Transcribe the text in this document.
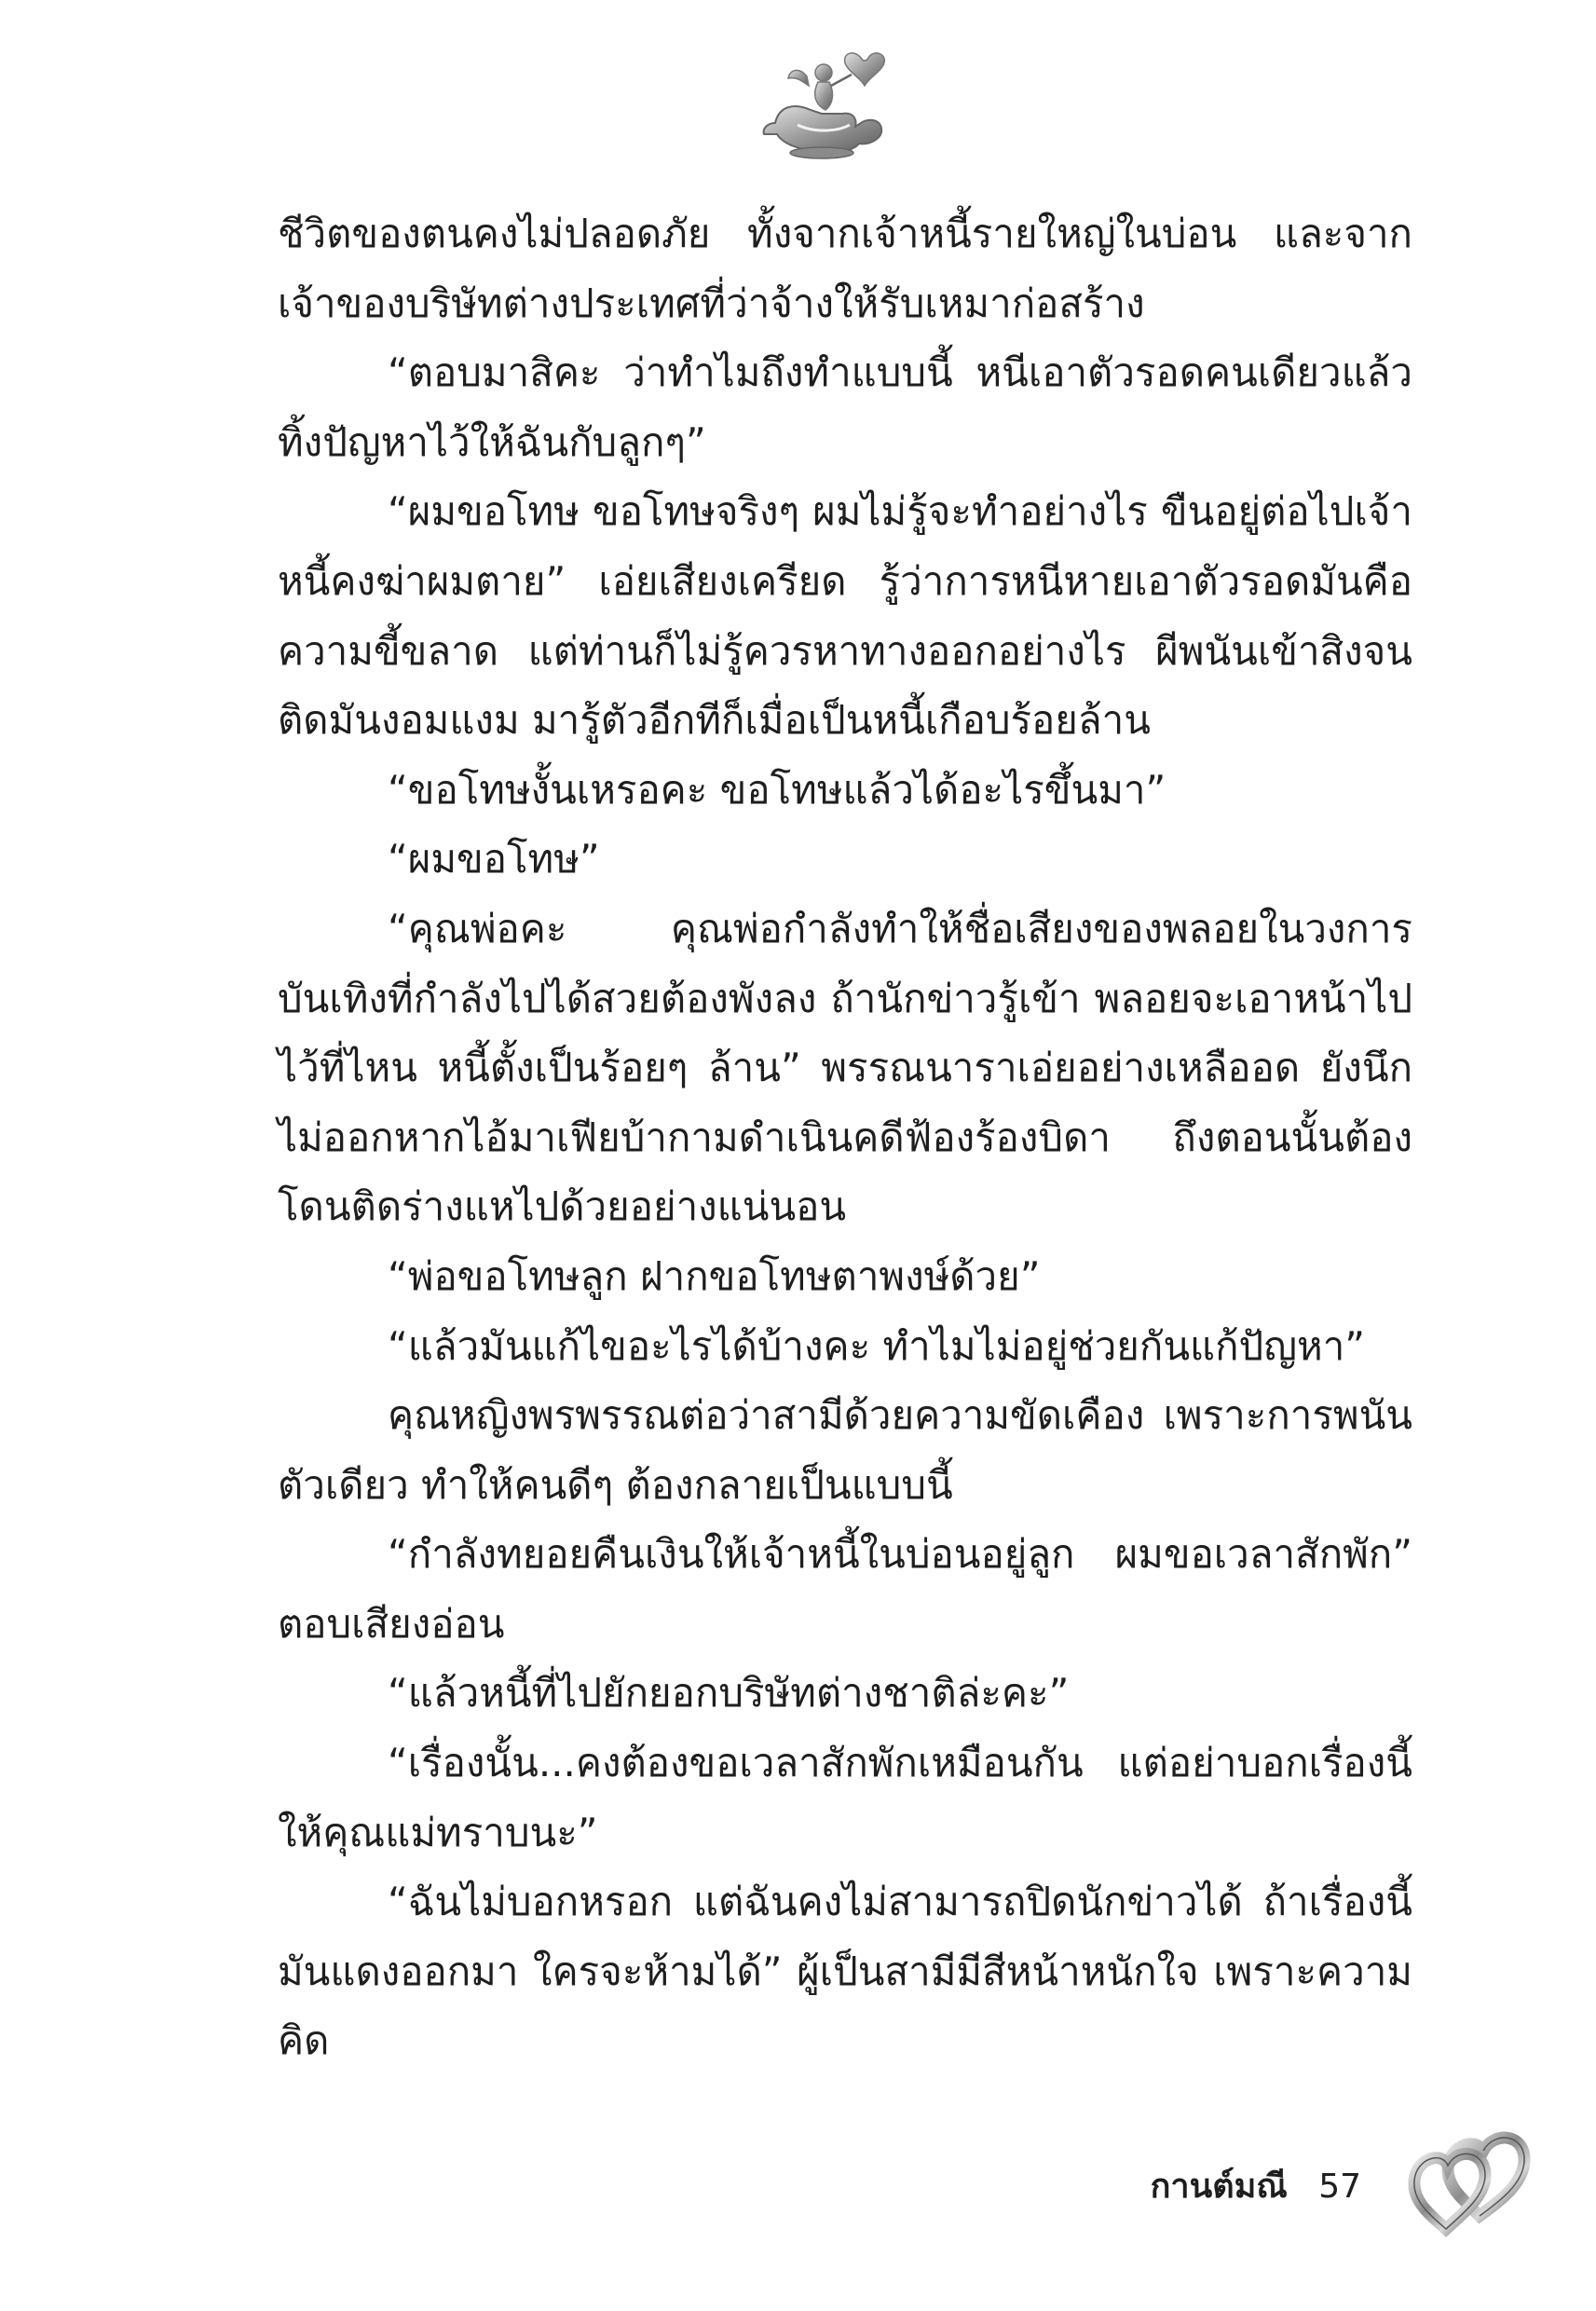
ชีวิตของตนคงไม่ปลอดภัย ทั้งจากเจ้าหนี้รายใหญ่ในบ่อน และจากเจ้าของบริษัทต่างประเทศที่ว่าจ้างให้รับเหมาก่อสร้าง

“ตอบมาสิคะ ว่าทำไมถึงทำแบบนี้ หนีเอาตัวรอดคนเดียวแล้วทิ้งปัญหาไว้ให้ฉันกับลูกๆ”

“ผมขอโทษ ขอโทษจริงๆ ผมไม่รู้จะทำอย่างไร ขืนอยู่ต่อไปเจ้าหนี้คงฆ่าผมตาย” เอ่ยเสียงเครียด รู้ว่าการหนีหายเอาตัวรอดมันคือความขี้ขลาด แต่ท่านก็ไม่รู้ควรหาทางออกอย่างไร ผีพนันเข้าสิงจนติดมันงอมแงม มารู้ตัวอีกทีก็เมื่อเป็นหนี้เกือบร้อยล้าน

“ขอโทษงั้นเหรอคะ ขอโทษแล้วได้อะไรขึ้นมา”

“ผมขอโทษ”

“คุณพ่อคะ คุณพ่อกำลังทำให้ชื่อเสียงของพลอยในวงการบันเทิงที่กำลังไปได้สวยต้องพังลง ถ้านักข่าวรู้เข้า พลอยจะเอาหน้าไปไว้ที่ไหน หนี้ตั้งเป็นร้อยๆ ล้าน” พรรณนาราเอ่ยอย่างเหลืออด ยังนึกไม่ออกหากไอ้มาเฟียบ้ากามดำเนินคดีฟ้องร้องบิดา ถึงตอนนั้นต้องโดนติดร่างแหไปด้วยอย่างแน่นอน

“พ่อขอโทษลูก ฝากขอโทษตาพงษ์ด้วย”

“แล้วมันแก้ไขอะไรได้บ้างคะ ทำไมไม่อยู่ช่วยกันแก้ปัญหา”

คุณหญิงพรพรรณต่อว่าสามีด้วยความขัดเคือง เพราะการพนันตัวเดียว ทำให้คนดีๆ ต้องกลายเป็นแบบนี้

“กำลังทยอยคืนเงินให้เจ้าหนี้ในบ่อนอยู่ลูก ผมขอเวลาสักพัก” ตอบเสียงอ่อน

“แล้วหนี้ที่ไปยักยอกบริษัทต่างชาติล่ะคะ”

“เรื่องนั้น...คงต้องขอเวลาสักพักเหมือนกัน แต่อย่าบอกเรื่องนี้ให้คุณแม่ทราบนะ”

“ฉันไม่บอกหรอก แต่ฉันคงไม่สามารถปิดนักข่าวได้ ถ้าเรื่องนี้มันแดงออกมา ใครจะห้ามได้” ผู้เป็นสามีมีสีหน้าหนักใจ เพราะความคิด

กานต์มณี 57
